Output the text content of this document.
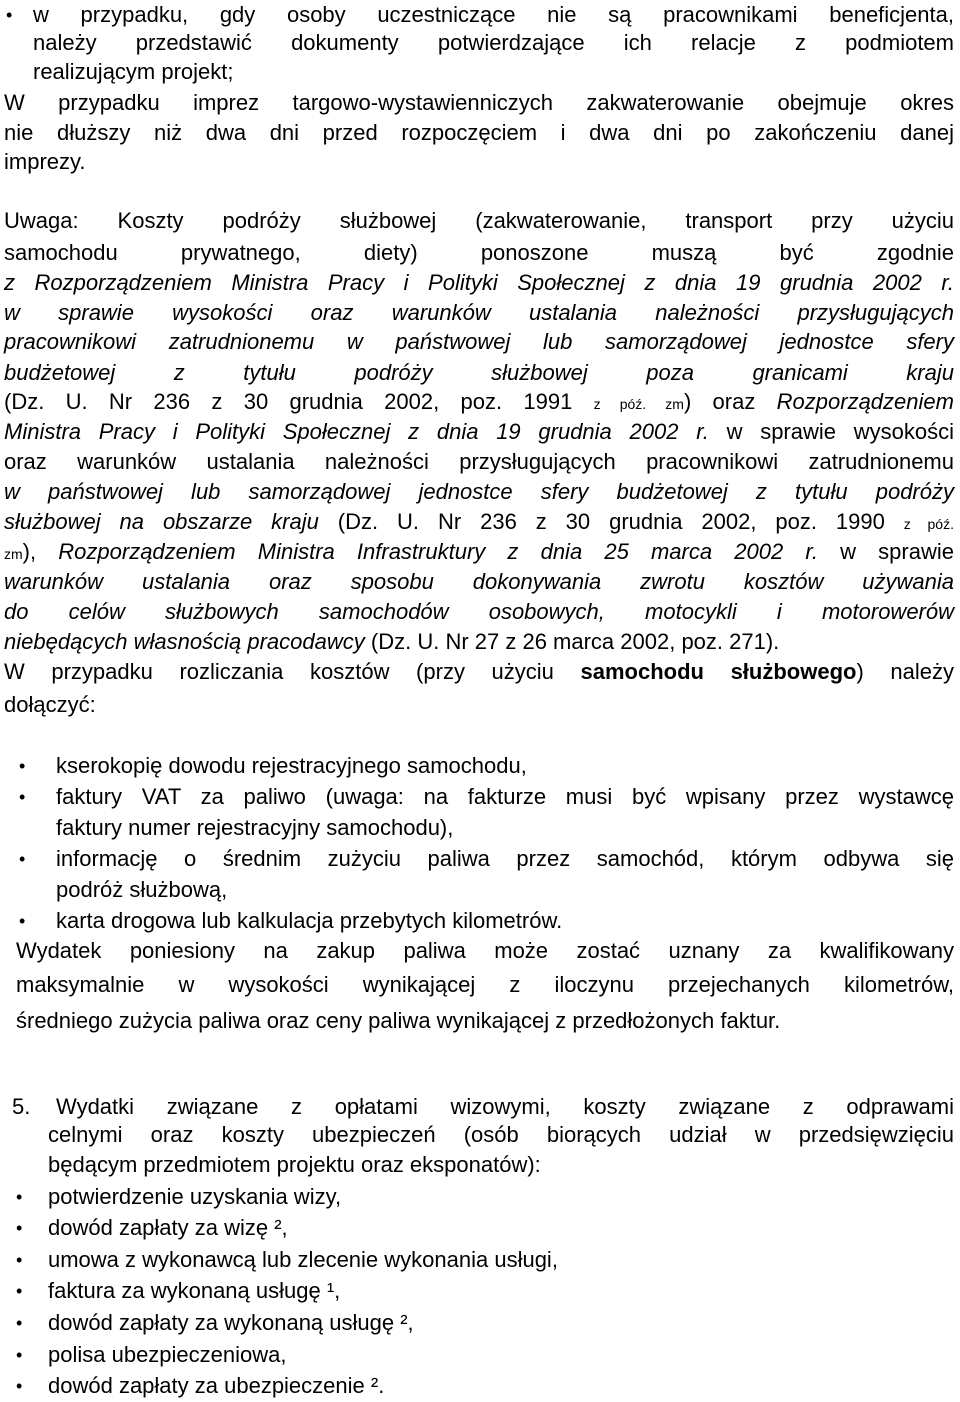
• w przypadku, gdy osoby uczestniczące nie są pracownikami beneficjenta,
należy przedstawić dokumenty potwierdzające ich relacje z podmiotem
realizującym projekt;
W przypadku imprez targowo-wystawienniczych zakwaterowanie obejmuje okres
nie dłuższy niż dwa dni przed rozpoczęciem i dwa dni po zakończeniu danej
imprezy.
Uwaga: Koszty podróży służbowej (zakwaterowanie, transport przy użyciu
samochodu prywatnego, diety) ponoszone muszą być zgodnie
z Rozporządzeniem Ministra Pracy i Polityki Społecznej z dnia 19 grudnia 2002 r.
w sprawie wysokości oraz warunków ustalania należności przysługujących
pracownikowi zatrudnionemu w państwowej lub samorządowej jednostce sfery
budżetowej z tytułu podróży służbowej poza granicami kraju
(Dz. U. Nr 236 z 30 grudnia 2002, poz. 1991 z póź. zm) oraz Rozporządzeniem
Ministra Pracy i Polityki Społecznej z dnia 19 grudnia 2002 r. w sprawie wysokości
oraz warunków ustalania należności przysługujących pracownikowi zatrudnionemu
w państwowej lub samorządowej jednostce sfery budżetowej z tytułu podróży
służbowej na obszarze kraju (Dz. U. Nr 236 z 30 grudnia 2002, poz. 1990 z póź.
zm), Rozporządzeniem Ministra Infrastruktury z dnia 25 marca 2002 r. w sprawie
warunków ustalania oraz sposobu dokonywania zwrotu kosztów używania
do celów służbowych samochodów osobowych, motocykli i motorowerów
niebędących własnością pracodawcy (Dz. U. Nr 27 z 26 marca 2002, poz. 271).
W przypadku rozliczania kosztów (przy użyciu samochodu służbowego) należy
dołączyć:
• kserokopię dowodu rejestracyjnego samochodu,
• faktury VAT za paliwo (uwaga: na fakturze musi być wpisany przez wystawcę
faktury numer rejestracyjny samochodu),
• informację o średnim zużyciu paliwa przez samochód, którym odbywa się
podróż służbową,
• karta drogowa lub kalkulacja przebytych kilometrów.
Wydatek poniesiony na zakup paliwa może zostać uznany za kwalifikowany
maksymalnie w wysokości wynikającej z iloczynu przejechanych kilometrów,
średniego zużycia paliwa oraz ceny paliwa wynikającej z przedłożonych faktur.
5.	Wydatki związane z opłatami wizowymi, koszty związane z odprawami
celnymi oraz koszty ubezpieczeń (osób biorących udział w przedsięwzięciu
będącym przedmiotem projektu oraz eksponatów):
• potwierdzenie uzyskania wizy,
• dowód zapłaty za wizę ²,
• umowa z wykonawcą lub zlecenie wykonania usługi,
• faktura za wykonaną usługę ¹,
• dowód zapłaty za wykonaną usługę ²,
• polisa ubezpieczeniowa,
• dowód zapłaty za ubezpieczenie ².
